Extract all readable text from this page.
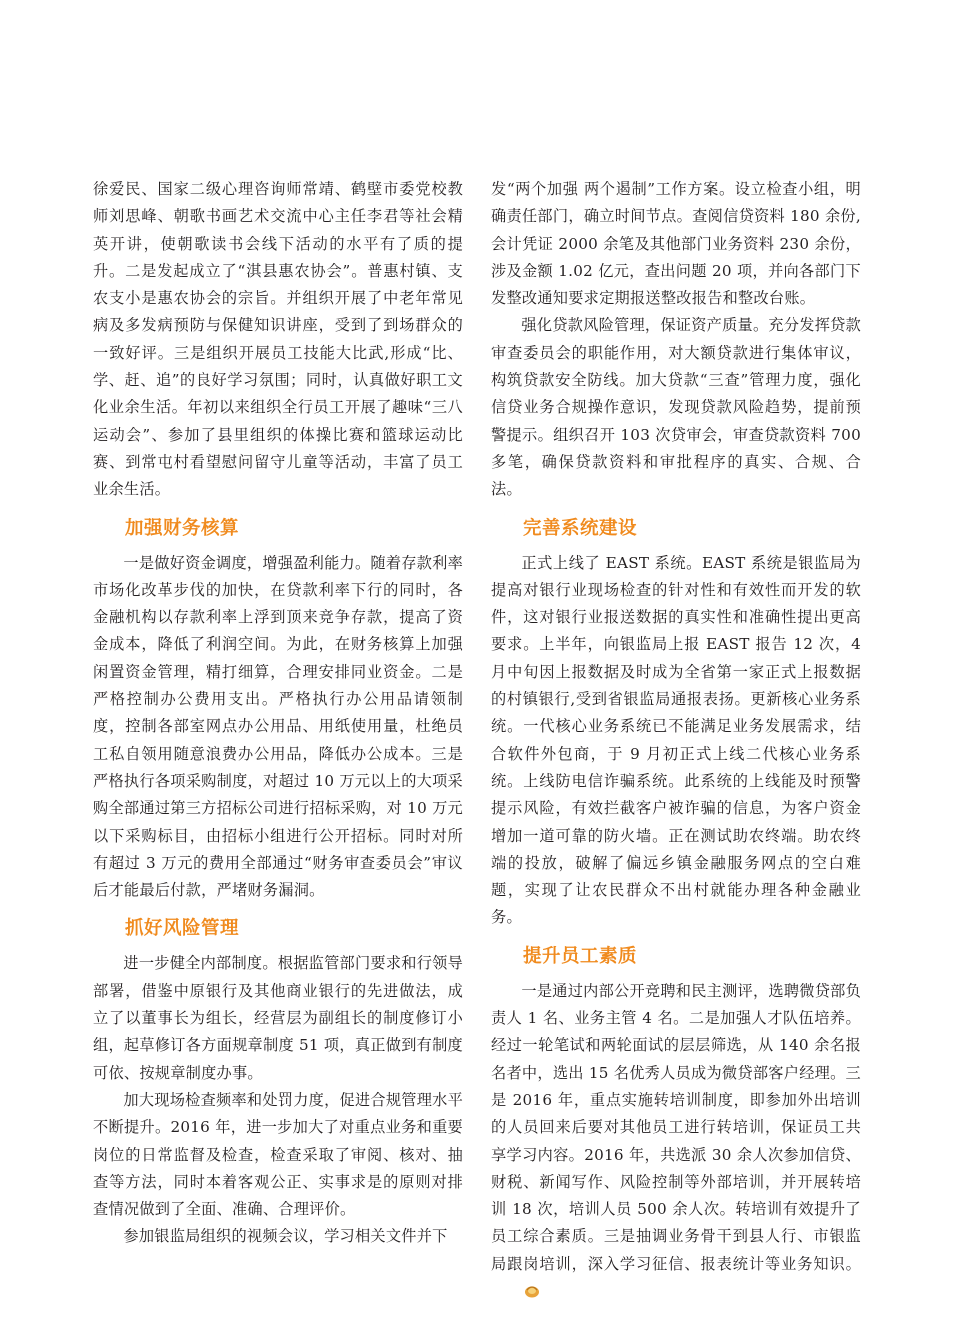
徐爱民、国家二级心理咨询师常靖、鹤壁市委党校教师刘思峰、朝歌书画艺术交流中心主任李君等社会精英开讲，使朝歌读书会线下活动的水平有了质的提升。二是发起成立了“淇县惠农协会”。普惠村镇、支农支小是惠农协会的宗旨。并组织开展了中老年常见病及多发病预防与保健知识讲座，受到了到场群众的一致好评。三是组织开展员工技能大比武,形成“比、学、赶、追”的良好学习氛围；同时，认真做好职工文化业余生活。年初以来组织全行员工开展了趣味“三八运动会”、参加了县里组织的体操比赛和篮球运动比赛、到常屯村看望慰问留守儿童等活动，丰富了员工业余生活。

加强财务核算

一是做好资金调度，增强盈利能力。随着存款利率市场化改革步伐的加快，在贷款利率下行的同时，各金融机构以存款利率上浮到顶来竞争存款，提高了资金成本，降低了利润空间。为此，在财务核算上加强闲置资金管理，精打细算，合理安排同业资金。二是严格控制办公费用支出。严格执行办公用品请领制度，控制各部室网点办公用品、用纸使用量，杜绝员工私自领用随意浪费办公用品，降低办公成本。三是严格执行各项采购制度，对超过 10 万元以上的大项采购全部通过第三方招标公司进行招标采购，对 10 万元以下采购标目，由招标小组进行公开招标。同时对所有超过 3 万元的费用全部通过“财务审查委员会”审议后才能最后付款，严堵财务漏洞。

抓好风险管理

进一步健全内部制度。根据监管部门要求和行领导部署，借鉴中原银行及其他商业银行的先进做法，成立了以董事长为组长，经营层为副组长的制度修订小组，起草修订各方面规章制度 51 项，真正做到有制度可依、按规章制度办事。

加大现场检查频率和处罚力度，促进合规管理水平不断提升。2016 年，进一步加大了对重点业务和重要岗位的日常监督及检查，检查采取了审阅、核对、抽查等方法，同时本着客观公正、实事求是的原则对排查情况做到了全面、准确、合理评价。

参加银监局组织的视频会议，学习相关文件并下

发“两个加强 两个遏制”工作方案。设立检查小组，明确责任部门，确立时间节点。查阅信贷资料 180 余份,会计凭证 2000 余笔及其他部门业务资料 230 余份，涉及金额 1.02 亿元，查出问题 20 项，并向各部门下发整改通知要求定期报送整改报告和整改台账。

强化贷款风险管理，保证资产质量。充分发挥贷款审查委员会的职能作用，对大额贷款进行集体审议，构筑贷款安全防线。加大贷款“三查”管理力度，强化信贷业务合规操作意识，发现贷款风险趋势，提前预警提示。组织召开 103 次贷审会，审查贷款资料 700 多笔，确保贷款资料和审批程序的真实、合规、合法。

完善系统建设

正式上线了 EAST 系统。EAST 系统是银监局为提高对银行业现场检查的针对性和有效性而开发的软件，这对银行业报送数据的真实性和准确性提出更高要求。上半年，向银监局上报 EAST 报告 12 次，4 月中旬因上报数据及时成为全省第一家正式上报数据的村镇银行,受到省银监局通报表扬。更新核心业务系统。一代核心业务系统已不能满足业务发展需求，结合软件外包商，于 9 月初正式上线二代核心业务系统。上线防电信诈骗系统。此系统的上线能及时预警提示风险，有效拦截客户被诈骗的信息，为客户资金增加一道可靠的防火墙。正在测试助农终端。助农终端的投放，破解了偏远乡镇金融服务网点的空白难题，实现了让农民群众不出村就能办理各种金融业务。

提升员工素质

一是通过内部公开竞聘和民主测评，选聘微贷部负责人 1 名、业务主管 4 名。二是加强人才队伍培养。经过一轮笔试和两轮面试的层层筛选，从 140 余名报名者中，选出 15 名优秀人员成为微贷部客户经理。三是 2016 年，重点实施转培训制度，即参加外出培训的人员回来后要对其他员工进行转培训，保证员工共享学习内容。2016 年，共选派 30 余人次参加信贷、财税、新闻写作、风险控制等外部培训，并开展转培训 18 次，培训人员 500 余人次。转培训有效提升了员工综合素质。三是抽调业务骨干到县人行、市银监局跟岗培训，深入学习征信、报表统计等业务知识。
